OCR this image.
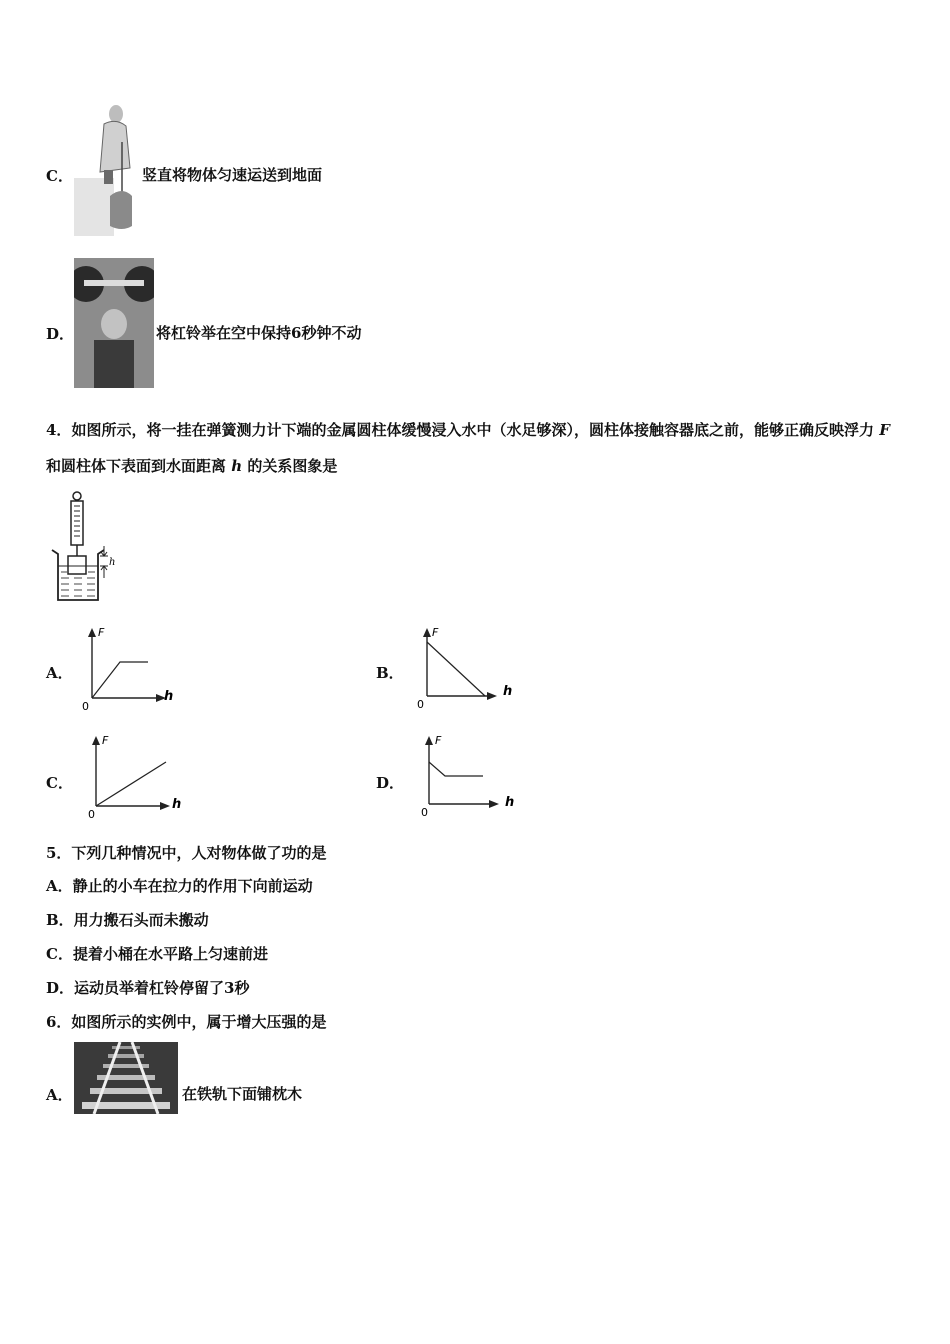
C．	竖直将物体匀速运送到地面
D．	将杠铃举在空中保持6秒钟不动
4．如图所示，将一挂在弹簧测力计下端的金属圆柱体缓慢浸入水中（水足够深），圆柱体接触容器底之前，能够正确反映浮力 F 和圆柱体下表面到水面距离 h 的关系图象是
h
A．
F
h
0
B．
F
h
0
C．
F
h
0
D．
F
h
0
5．下列几种情况中，人对物体做了功的是
A．静止的小车在拉力的作用下向前运动
B．用力搬石头而未搬动
C．提着小桶在水平路上匀速前进
D．运动员举着杠铃停留了3秒
6．如图所示的实例中，属于增大压强的是
A．	在铁轨下面铺枕木
